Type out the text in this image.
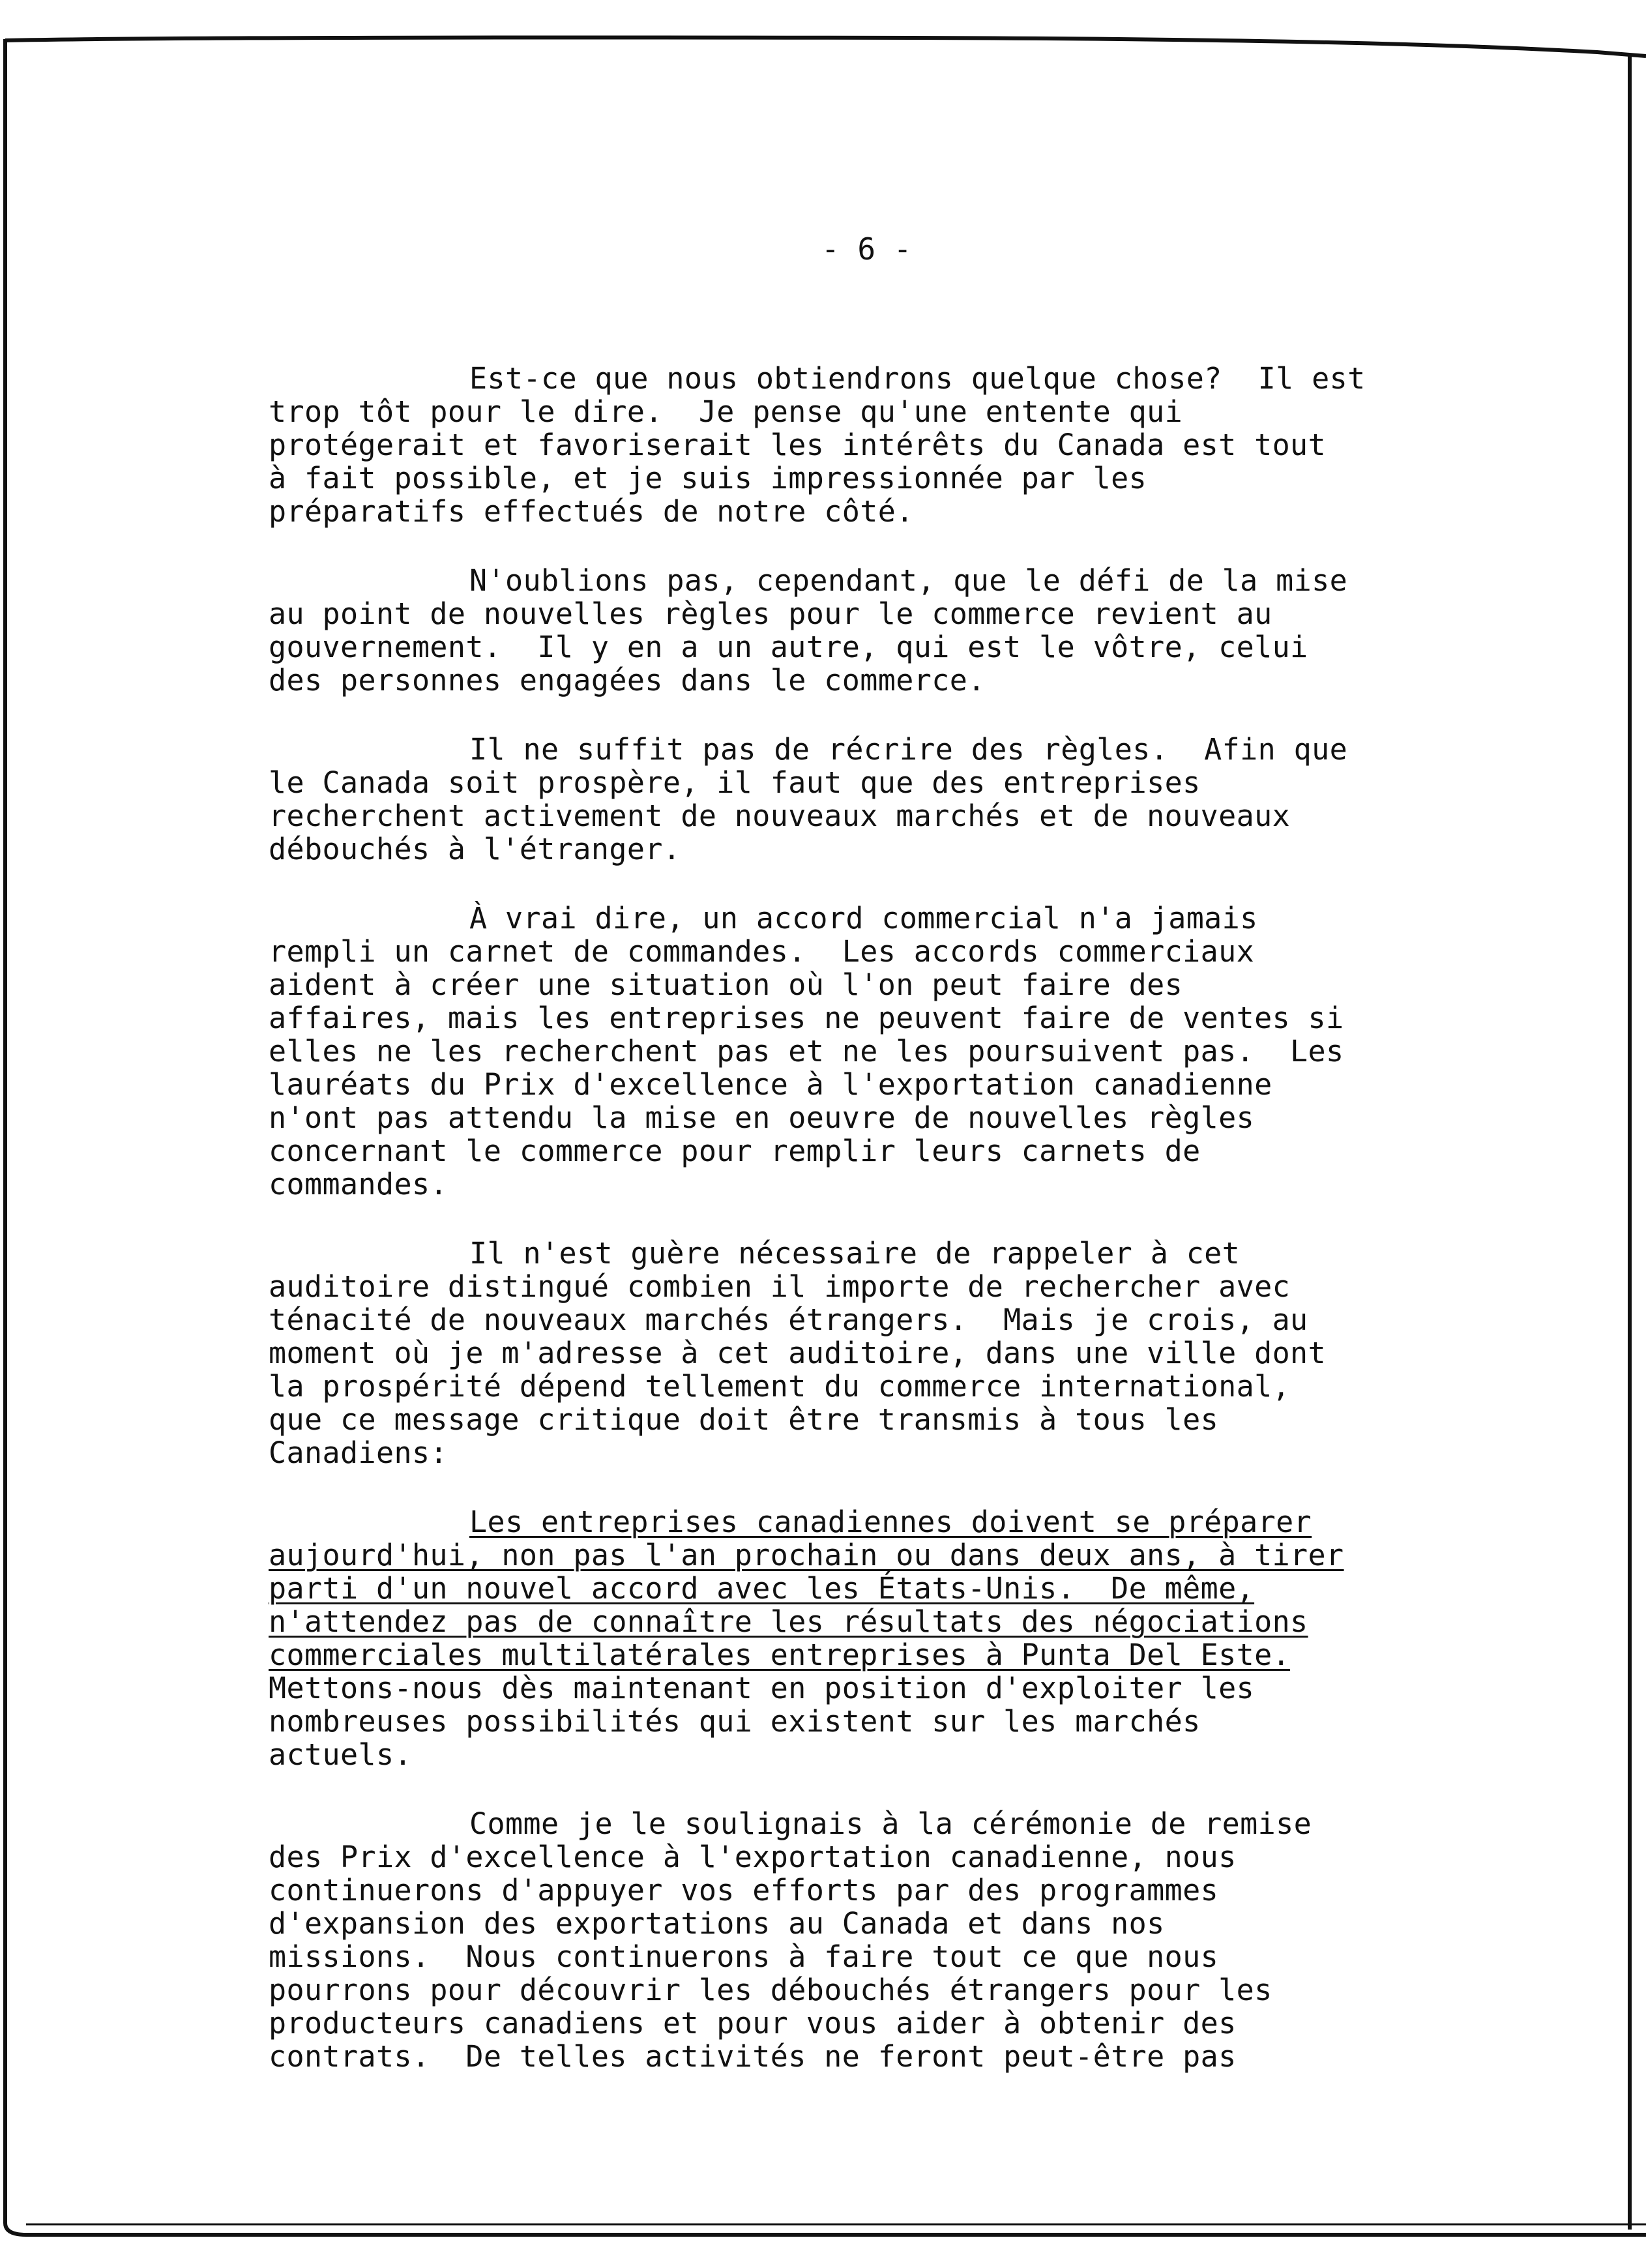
- 6 -
Est-ce que nous obtiendrons quelque chose?  Il est
trop tôt pour le dire.  Je pense qu'une entente qui
protégerait et favoriserait les intérêts du Canada est tout
à fait possible, et je suis impressionnée par les
préparatifs effectués de notre côté.
N'oublions pas, cependant, que le défi de la mise
au point de nouvelles règles pour le commerce revient au
gouvernement.  Il y en a un autre, qui est le vôtre, celui
des personnes engagées dans le commerce.
Il ne suffit pas de récrire des règles.  Afin que
le Canada soit prospère, il faut que des entreprises
recherchent activement de nouveaux marchés et de nouveaux
débouchés à l'étranger.
À vrai dire, un accord commercial n'a jamais
rempli un carnet de commandes.  Les accords commerciaux
aident à créer une situation où l'on peut faire des
affaires, mais les entreprises ne peuvent faire de ventes si
elles ne les recherchent pas et ne les poursuivent pas.  Les
lauréats du Prix d'excellence à l'exportation canadienne
n'ont pas attendu la mise en oeuvre de nouvelles règles
concernant le commerce pour remplir leurs carnets de
commandes.
Il n'est guère nécessaire de rappeler à cet
auditoire distingué combien il importe de rechercher avec
ténacité de nouveaux marchés étrangers.  Mais je crois, au
moment où je m'adresse à cet auditoire, dans une ville dont
la prospérité dépend tellement du commerce international,
que ce message critique doit être transmis à tous les
Canadiens:
Les entreprises canadiennes doivent se préparer
aujourd'hui, non pas l'an prochain ou dans deux ans, à tirer
parti d'un nouvel accord avec les États-Unis.  De même,
n'attendez pas de connaître les résultats des négociations
commerciales multilatérales entreprises à Punta Del Este.
Mettons-nous dès maintenant en position d'exploiter les
nombreuses possibilités qui existent sur les marchés
actuels.
Comme je le soulignais à la cérémonie de remise
des Prix d'excellence à l'exportation canadienne, nous
continuerons d'appuyer vos efforts par des programmes
d'expansion des exportations au Canada et dans nos
missions.  Nous continuerons à faire tout ce que nous
pourrons pour découvrir les débouchés étrangers pour les
producteurs canadiens et pour vous aider à obtenir des
contrats.  De telles activités ne feront peut-être pas
